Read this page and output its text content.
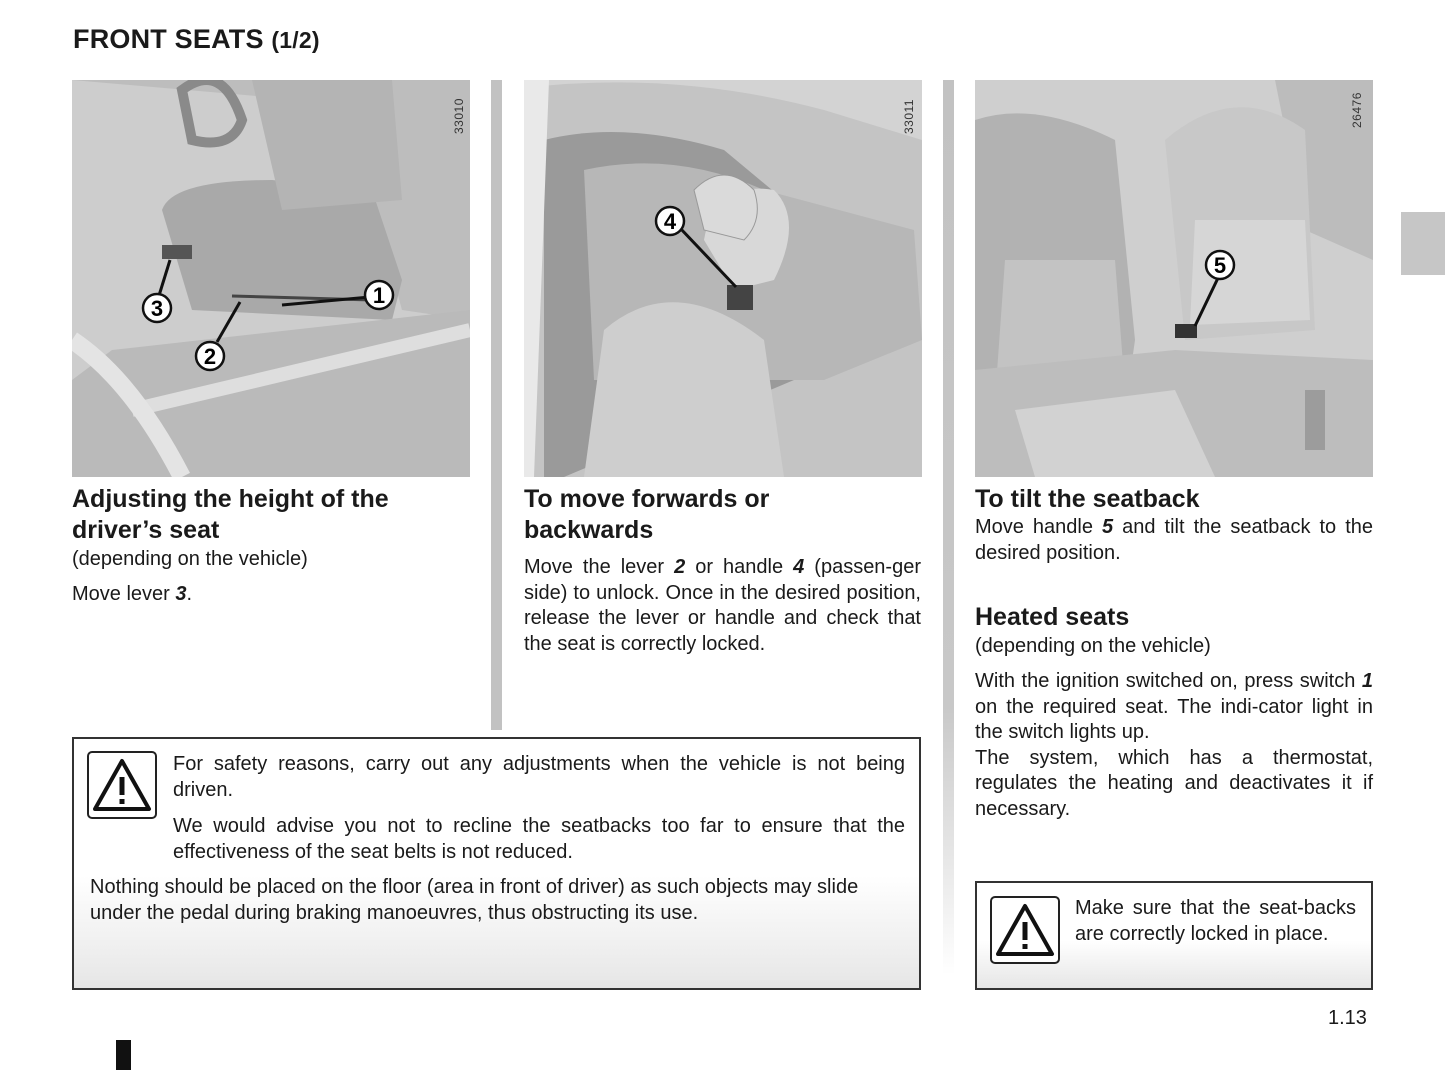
FRONT SEATS (1/2)
3
2
1
33010
4
33011
5
26476
Adjusting the height of the
driver’s seat
(depending on the vehicle)

Move lever 3.

To move forwards or
backwards

Move the lever 2 or handle 4 (passen-ger side) to unlock. Once in the desired position, release the lever or handle and check that the seat is correctly locked.

To tilt the seatback

Move handle 5 and tilt the seatback to the desired position.

Heated seats
(depending on the vehicle)

With the ignition switched on, press switch 1 on the required seat. The indi-cator light in the switch lights up.

The system, which has a thermostat, regulates the heating and deactivates it if necessary.

For safety reasons, carry out any adjustments when the vehicle is not being driven.

We would advise you not to recline the seatbacks too far to ensure that the effectiveness of the seat belts is not reduced.

Nothing should be placed on the floor (area in front of driver) as such objects may slide under the pedal during braking manoeuvres, thus obstructing its use.	Make sure that the seat-backs are correctly locked in place.

1.13
